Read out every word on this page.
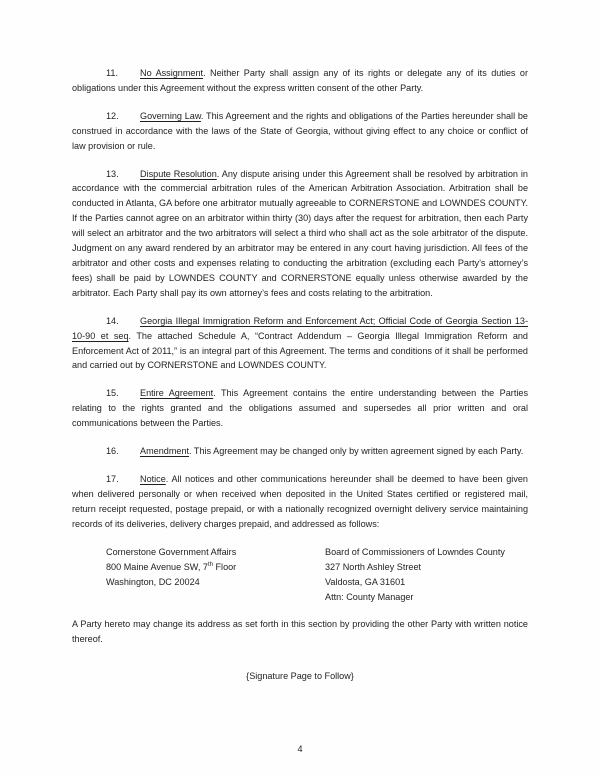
11. No Assignment. Neither Party shall assign any of its rights or delegate any of its duties or obligations under this Agreement without the express written consent of the other Party.

12. Governing Law. This Agreement and the rights and obligations of the Parties hereunder shall be construed in accordance with the laws of the State of Georgia, without giving effect to any choice or conflict of law provision or rule.

13. Dispute Resolution. Any dispute arising under this Agreement shall be resolved by arbitration in accordance with the commercial arbitration rules of the American Arbitration Association. Arbitration shall be conducted in Atlanta, GA before one arbitrator mutually agreeable to CORNERSTONE and LOWNDES COUNTY. If the Parties cannot agree on an arbitrator within thirty (30) days after the request for arbitration, then each Party will select an arbitrator and the two arbitrators will select a third who shall act as the sole arbitrator of the dispute. Judgment on any award rendered by an arbitrator may be entered in any court having jurisdiction. All fees of the arbitrator and other costs and expenses relating to conducting the arbitration (excluding each Party’s attorney’s fees) shall be paid by LOWNDES COUNTY and CORNERSTONE equally unless otherwise awarded by the arbitrator. Each Party shall pay its own attorney’s fees and costs relating to the arbitration.

14. Georgia Illegal Immigration Reform and Enforcement Act; Official Code of Georgia Section 13-10-90 et seq. The attached Schedule A, “Contract Addendum – Georgia Illegal Immigration Reform and Enforcement Act of 2011,” is an integral part of this Agreement. The terms and conditions of it shall be performed and carried out by CORNERSTONE and LOWNDES COUNTY.

15. Entire Agreement. This Agreement contains the entire understanding between the Parties relating to the rights granted and the obligations assumed and supersedes all prior written and oral communications between the Parties.

16. Amendment. This Agreement may be changed only by written agreement signed by each Party.

17. Notice. All notices and other communications hereunder shall be deemed to have been given when delivered personally or when received when deposited in the United States certified or registered mail, return receipt requested, postage prepaid, or with a nationally recognized overnight delivery service maintaining records of its deliveries, delivery charges prepaid, and addressed as follows:

Cornerstone Government Affairs
800 Maine Avenue SW, 7th Floor
Washington, DC 20024
Board of Commissioners of Lowndes County
327 North Ashley Street
Valdosta, GA 31601
Attn: County Manager

A Party hereto may change its address as set forth in this section by providing the other Party with written notice thereof.

{Signature Page to Follow}

4
